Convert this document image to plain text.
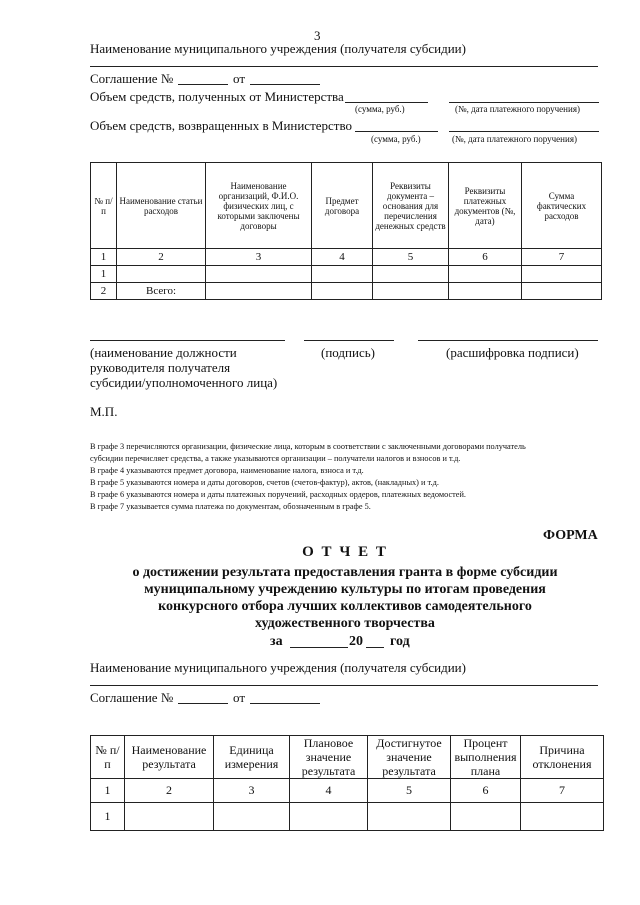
3
Наименование муниципального учреждения (получателя субсидии)
Соглашение №	от
Объем средств, полученных от Министерства
(сумма, руб.)	(№, дата платежного поручения)
Объем средств, возвращенных в Министерство
(сумма, руб.)	(№, дата платежного поручения)
№ п/п	Наименование статьи расходов	Наименование организаций, Ф.И.О. физических лиц, с которыми заключены договоры	Предмет договора	Реквизиты документа – основания для перечисления денежных средств	Реквизиты платежных документов (№, дата)	Сумма фактических расходов
1	2	3	4	5	6	7
1						
2	Всего:					
(наименование должности
руководителя получателя
субсидии/уполномоченного лица)
(подпись)	(расшифровка подписи)
М.П.
В графе 3 перечисляются организации, физические лица, которым в соответствии с заключенными договорами получатель
субсидии перечисляет средства, а также указываются организации – получатели налогов и взносов и т.д.
В графе 4 указываются предмет договора, наименование налога, взноса и т.д.
В графе 5 указываются номера и даты договоров, счетов (счетов-фактур), актов, (накладных) и т.д.
В графе 6 указываются номера и даты платежных поручений, расходных ордеров, платежных ведомостей.
В графе 7 указывается сумма платежа по документам, обозначенным в графе 5.
ФОРМА
О Т Ч Е Т
о достижении результата предоставления гранта в форме субсидии
муниципальному учреждению культуры по итогам проведения
конкурсного отбора лучших коллективов самодеятельного
художественного творчества
за	20 год
Наименование муниципального учреждения (получателя субсидии)
Соглашение №	от
№ п/п	Наименование результата	Единица измерения	Плановое значение результата	Достигнутое значение результата	Процент выполнения плана	Причина отклонения
1	2	3	4	5	6	7
1						
